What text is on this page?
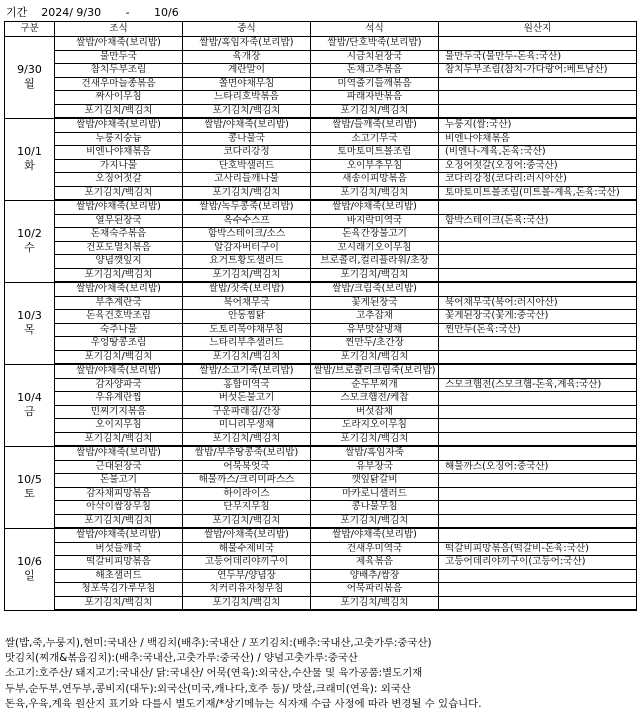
기간    2024/ 9/30       -       10/6
구분	조식	중식	석식	원산지
9/30
월	쌀밥/아채죽(보리밥)	쌀밥/흑임자죽(보리밥)	쌀밥/단호박죽(보리밥)	
	물만두국	육개장	시금치된장국	물만두국(물만두-돈육:국산)
	참치두부조림	계란말이	돈채고추볶음	참치두부조림(참치-가다랑어:베트남산)
	건새우마늘종볶음	쫄면야채무침	미역줄기들깨볶음	
	짜사이무침	느타리호박볶음	파래자반볶음	
	포기김치/백김치	포기김치/백김치	포기김치/백김치	
10/1
화	쌀밥/야채죽(보리밥)	쌀밥/야채죽(보리밥)	쌀밥/들깨죽(보리밥)	누룽지(쌀:국산)
	누룽지숭늉	콩나물국	소고기무국	비엔나야채볶음
	비엔나야채볶음	코다리강정	토마토미트볼조림	(비엔나-계육,돈육:국산)
	가지나물	단호박샐러드	오이부추무침	오징어젓갈(오징어:중국산)
	오징어젓갈	고사리들깨나물	새송이피망볶음	코다리강정(코다리:러시아산)
	포기김치/백김치	포기김치/백김치	포기김치/백김치	토마토미트볼조림(미트볼-계육,돈육:국산)
10/2
수	쌀밥/야채죽(보리밥)	쌀밥/녹두콩죽(보리밥)	쌀밥/야채죽(보리밥)	
	열무된장국	옥수수스프	바지락미역국	함박스테이크(돈육:국산)
	돈채숙주볶음	함박스테이크/소스	돈육간장불고기	
	건포도멸치볶음	알감자버터구이	꼬시래기오이무침	
	양념깻잎지	요거트황도샐러드	브로콜리,컬리플라워/초장	
	포기김치/백김치	포기김치/백김치	포기김치/백김치	
10/3
목	쌀밥/아채죽(보리밥)	쌀밥/잣죽(보리밥)	쌀밥/크림죽(보리밥)	
	부추계란국	북어채무국	꽃게된장국	북어채무국(북어:러시아산)
	돈육건호박조림	안동찜닭	고추잡채	꽃게된장국(꽃게:중국산)
	숙주나물	도토리묵야채무침	유부맛살냉채	찐만두(돈육:국산)
	우엉땅콩조림	느타리부추샐러드	찐만두/초간장	
	포기김치/백김치	포기김치/백김치	포기김치/백김치	
10/4
금	쌀밥/야채죽(보리밥)	쌀밥/소고기죽(보리밥)	쌀밥/브로콜리크림죽(보리밥)	
	감자양파국	홍합미역국	순두부찌개	스모크햄전(스모크햄-돈육,계육:국산)
	우유계란찜	버섯돈불고기	스모크햄전/케찹	
	민찌기지볶음	구운파래김/간장	버섯잡채	
	오이지무침	미니리무생채	도라지오이무침	
	포기김치/백김치	포기김치/백김치	포기김치/백김치	
10/5
토	쌀밥/야채죽(보리밥)	쌀밥/부추땅콩죽(보리밥)	쌀밥/흑임자죽	
	근대된장국	어묵북엇국	유부장국	해물까스(오징어:중국산)
	돈불고기	해물까스/크리미파스스	깻잎닭갈비	
	감자채피망볶음	하이라이스	마카로니샐러드	
	아삭이쌈장무침	단무지무침	콩나물무침	
	포기김치/백김치	포기김치/백김치	포기김치/백김치	
10/6
일	쌀밥/야채죽(보리밥)	쌀밥/아채죽(보리밥)	쌀밥/야채죽(보리밥)	
	버섯들깨국	해물수제비국	건새우미역국	떡갈비피망볶음(떡갈비-돈육:국산)
	떡갈비피망볶음	고등어데리야끼구이	제육볶음	고등어데리야끼구이(고등어:국산)
	해초샐러드	연두부/양념장	양배추/쌈장	
	청포묵김가루무침	치커리유자청무침	어묵파리볶음	
	포기김치/백김치	포기김치/백김치	포기김치/백김치	
쌀(밥,죽,누룽지),현미:국내산 / 백김치(배추):국내산 / 포기김치:(배추:국내산,고춧가루:중국산)
맛김치(찌개&볶음김치):(배추:국내산,고춧가루:중국산) / 양념고춧가루:중국산
소고기:호주산/ 돼지고기:국내산/ 닭:국내산/ 어묵(연육):외국산,수산물 및 육가공품:별도기재
두부,순두부,연두부,콩비지(대두):외국산(미국,캐나다,호주 등)/ 맛살,크래미(연육): 외국산
돈육,우육,계육 원산지 표기와 다를시 별도기재/*상기메뉴는 식자재 수급 사정에 따라 변경될 수 있습니다.
